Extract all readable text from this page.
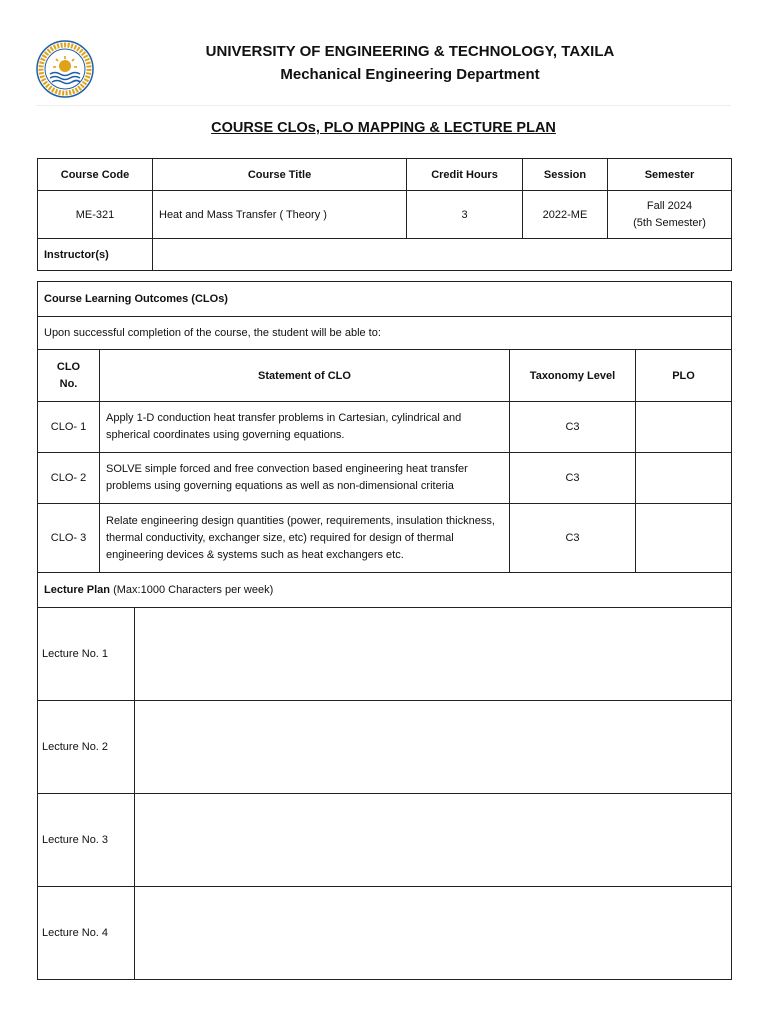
UNIVERSITY OF ENGINEERING & TECHNOLOGY, TAXILA
Mechanical Engineering Department
COURSE CLOs, PLO MAPPING & LECTURE PLAN
Course Code	Course Title	Credit Hours	Session	Semester
ME-321	Heat and Mass Transfer ( Theory )	3	2022-ME	Fall 2024
(5th Semester)
Instructor(s)				
Course Learning Outcomes (CLOs)				
Upon successful completion of the course, the student will be able to:				
CLO
No.	Statement of CLO		Taxonomy Level	PLO
CLO- 1	Apply 1-D conduction heat transfer problems in Cartesian, cylindrical and spherical coordinates using governing equations.		C3	
CLO- 2	SOLVE simple forced and free convection based engineering heat transfer problems using governing equations as well as non-dimensional criteria		C3	
CLO- 3	Relate engineering design quantities (power, requirements, insulation thickness, thermal conductivity, exchanger size, etc) required for design of thermal engineering devices & systems such as heat exchangers etc.		C3	
Lecture Plan (Max:1000 Characters per week)				
Lecture No. 1				
Lecture No. 2				
Lecture No. 3				
Lecture No. 4				
